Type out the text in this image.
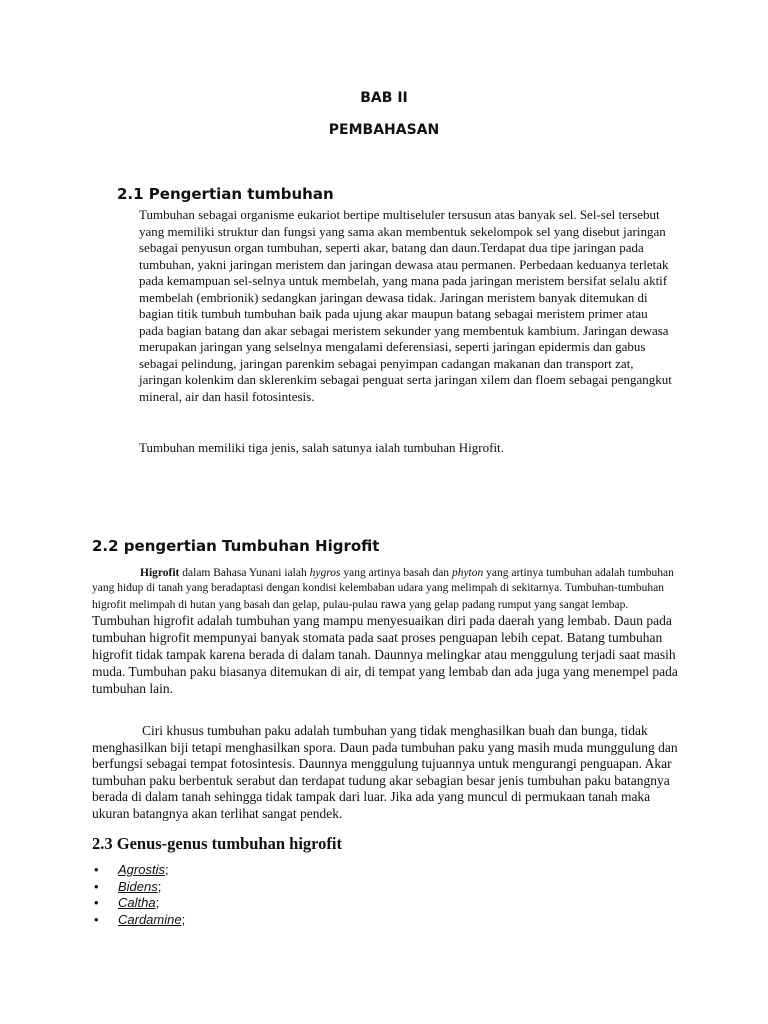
BAB II
PEMBAHASAN
2.1 Pengertian tumbuhan

Tumbuhan sebagai organisme eukariot bertipe multiseluler tersusun atas banyak sel. Sel-sel tersebut yang memiliki struktur dan fungsi yang sama akan membentuk sekelompok sel yang disebut jaringan sebagai penyusun organ tumbuhan, seperti akar, batang dan daun.Terdapat dua tipe jaringan pada tumbuhan, yakni jaringan meristem dan jaringan dewasa atau permanen. Perbedaan keduanya terletak pada kemampuan sel-selnya untuk membelah, yang mana pada jaringan meristem bersifat selalu aktif membelah (embrionik) sedangkan jaringan dewasa tidak. Jaringan meristem banyak ditemukan di bagian titik tumbuh tumbuhan baik pada ujung akar maupun batang sebagai meristem primer atau pada bagian batang dan akar sebagai meristem sekunder yang membentuk kambium. Jaringan dewasa merupakan jaringan yang selselnya mengalami deferensiasi, seperti jaringan epidermis dan gabus sebagai pelindung, jaringan parenkim sebagai penyimpan cadangan makanan dan transport zat, jaringan kolenkim dan sklerenkim sebagai penguat serta jaringan xilem dan floem sebagai pengangkut mineral, air dan hasil fotosintesis.

Tumbuhan memiliki tiga jenis, salah satunya ialah tumbuhan Higrofit.

2.2 pengertian Tumbuhan Higrofit

Higrofit dalam Bahasa Yunani ialah hygros yang artinya basah dan phyton yang artinya tumbuhan adalah tumbuhan yang hidup di tanah yang beradaptasi dengan kondisi kelembaban udara yang melimpah di sekitarnya. Tumbuhan-tumbuhan higrofit melimpah di hutan yang basah dan gelap, pulau-pulau rawa yang gelap padang rumput yang sangat lembap. Tumbuhan higrofit adalah tumbuhan yang mampu menyesuaikan diri pada daerah yang lembab. Daun pada tumbuhan higrofit mempunyai banyak stomata pada saat proses penguapan lebih cepat. Batang tumbuhan higrofit tidak tampak karena berada di dalam tanah. Daunnya melingkar atau menggulung terjadi saat masih muda. Tumbuhan paku biasanya ditemukan di air, di tempat yang lembab dan ada juga yang menempel pada tumbuhan lain.

Ciri khusus tumbuhan paku adalah tumbuhan yang tidak menghasilkan buah dan bunga, tidak menghasilkan biji tetapi menghasilkan spora. Daun pada tumbuhan paku yang masih muda munggulung dan berfungsi sebagai tempat fotosintesis. Daunnya menggulung tujuannya untuk mengurangi penguapan. Akar tumbuhan paku berbentuk serabut dan terdapat tudung akar sebagian besar jenis tumbuhan paku batangnya berada di dalam tanah sehingga tidak tampak dari luar. Jika ada yang muncul di permukaan tanah maka ukuran batangnya akan terlihat sangat pendek.

2.3 Genus-genus tumbuhan higrofit
• Agrostis;
• Bidens;
• Caltha;
• Cardamine;
